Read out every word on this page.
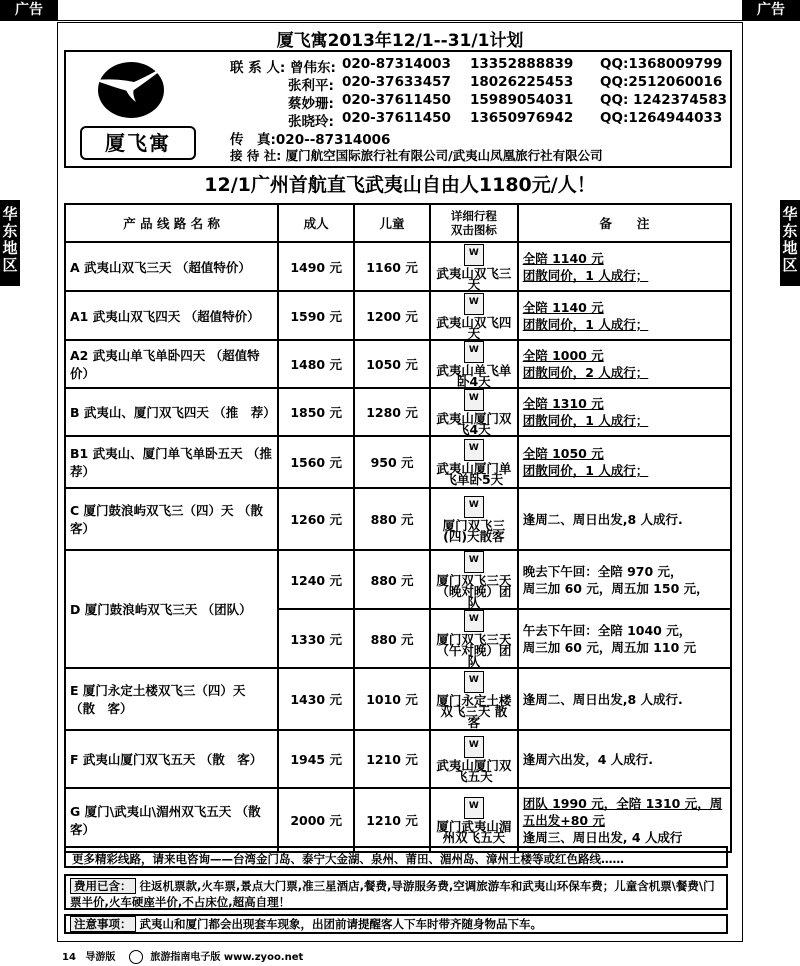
广告	广告
华
东
地
区
华
东
地
区
厦飞寓2013年12/1--31/1计划
厦飞寓
联 系 人: 曾伟东: 020-87314003 13352888839 QQ:1368009799
张利平: 020-37633457 18026225453 QQ:2512060016
蔡妙珊: 020-37611450 15989054031 QQ: 1242374583
张晓玲: 020-37611450 13650976942 QQ:1264944033
传　真:020--87314006
接 待 社: 厦门航空国际旅行社有限公司/武夷山凤凰旅行社有限公司
12/1广州首航直飞武夷山自由人1180元/人！
产 品 线 路 名 称	成人	儿童	详细行程
双击图标	备　　注
A 武夷山双飞三天 （超值特价）	1490 元	1160 元	W
武夷山双飞三天	全陪 1140 元
团散同价，1 人成行；
A1 武夷山双飞四天 （超值特价）	1590 元	1200 元	W
武夷山双飞四天	全陪 1140 元
团散同价，1 人成行；
A2 武夷山单飞单卧四天 （超值特价）	1480 元	1050 元	W
武夷山单飞单卧4天	全陪 1000 元
团散同价，2 人成行；
B 武夷山、厦门双飞四天 （推　荐）	1850 元	1280 元	W
武夷山厦门双飞4天	全陪 1310 元
团散同价，1 人成行；
B1 武夷山、厦门单飞单卧五天 （推　荐）	1560 元	950 元	W
武夷山厦门单飞单卧5天	全陪 1050 元
团散同价，1 人成行；
C 厦门鼓浪屿双飞三（四）天 （散客）	1260 元	880 元	W
厦门双飞三(四)天散客	逢周二、周日出发,8 人成行.
D 厦门鼓浪屿双飞三天 （团队）	1240 元	880 元	W
厦门双飞三天（晚对晚）团队	晚去下午回：全陪 970 元，
周三加 60 元，周五加 150 元，
	1330 元	880 元	W
厦门双飞三天（午对晚）团队	午去下午回：全陪 1040 元，
周三加 60 元，周五加 110 元
E 厦门永定土楼双飞三（四）天 （散　客）	1430 元	1010 元	W
厦门永定土楼双飞三天 散客	逢周二、周日出发,8 人成行.
F 武夷山厦门双飞五天 （散　客）	1945 元	1210 元	W
武夷山厦门双飞五天	逢周六出发，4 人成行.
G 厦门\武夷山\湄州双飞五天 （散　客）	2000 元	1210 元	W
厦门武夷山湄州双飞五天	团队 1990 元，全陪 1310 元，周五出发+80 元
逢周三、周日出发, 4 人成行
更多精彩线路，请来电咨询——台湾金门岛、泰宁大金湖、泉州、莆田、湄州岛、漳州土楼等或红色路线……
费用已含： 往返机票款,火车票,景点大门票,准三星酒店,餐费,导游服务费,空调旅游车和武夷山环保车费；儿童含机票\餐费\门票半价,火车硬座半价,不占床位,超高自理！
注意事项： 武夷山和厦门都会出现套车现象，出团前请提醒客人下车时带齐随身物品下车。
14 导游版	旅游指南电子版 www.zyoo.net
